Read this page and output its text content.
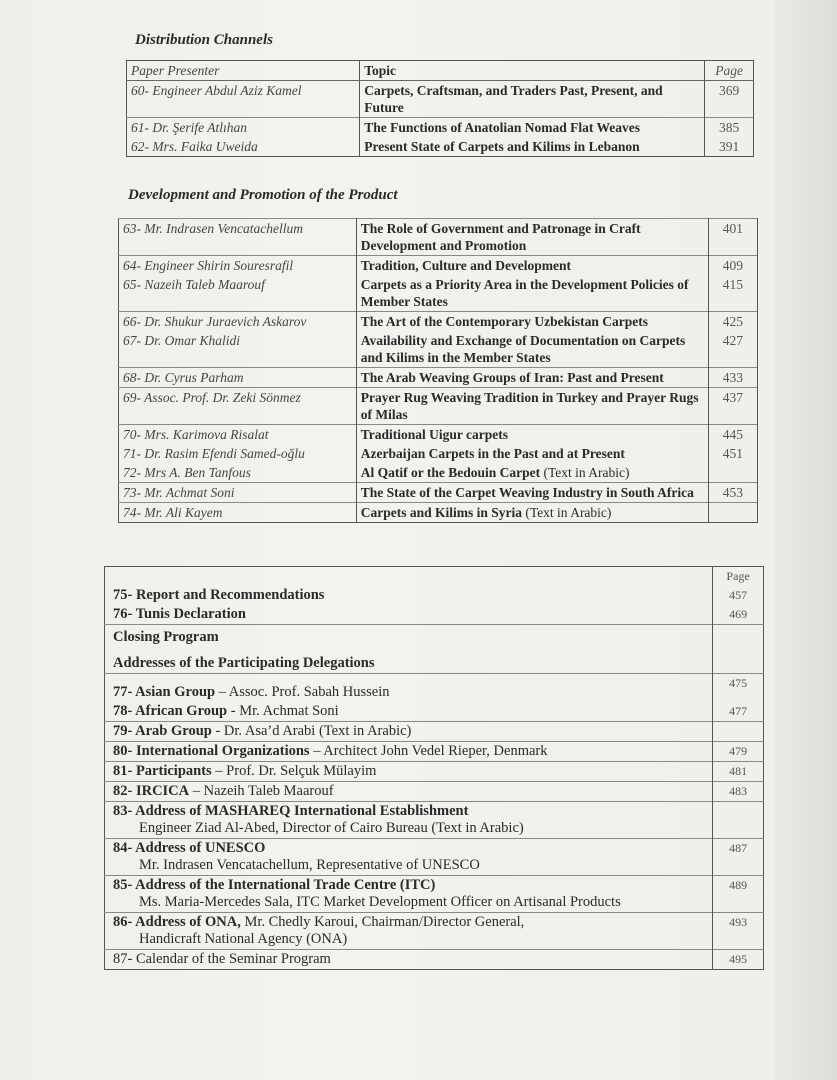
Distribution Channels
Paper Presenter	Topic	Page
60- Engineer Abdul Aziz Kamel	Carpets, Craftsman, and Traders Past, Present, and Future	369
61- Dr. Şerife Atlıhan	The Functions of Anatolian Nomad Flat Weaves	385
62- Mrs. Faika Uweida	Present State of Carpets and Kilims in Lebanon	391
Development and Promotion of the Product
63- Mr. Indrasen Vencatachellum	The Role of Government and Patronage in Craft Development and Promotion	401
64- Engineer Shirin Souresrafil	Tradition, Culture and Development	409
65- Nazeih Taleb Maarouf	Carpets as a Priority Area in the Development Policies of Member States	415
66- Dr. Shukur Juraevich Askarov	The Art of the Contemporary Uzbekistan Carpets	425
67- Dr. Omar Khalidi	Availability and Exchange of Documentation on Carpets and Kilims in the Member States	427
68- Dr. Cyrus Parham	The Arab Weaving Groups of Iran: Past and Present	433
69- Assoc. Prof. Dr. Zeki Sönmez	Prayer Rug Weaving Tradition in Turkey and Prayer Rugs of Milas	437
70- Mrs. Karimova Risalat	Traditional Uigur carpets	445
71- Dr. Rasim Efendi Samed-oğlu	Azerbaijan Carpets in the Past and at Present	451
72- Mrs A. Ben Tanfous	Al Qatif or the Bedouin Carpet (Text in Arabic)	
73- Mr. Achmat Soni	The State of the Carpet Weaving Industry in South Africa	453
74- Mr. Ali Kayem	Carpets and Kilims in Syria (Text in Arabic)	
	Page
75- Report and Recommendations	457
76- Tunis Declaration	469
Closing Program	
Addresses of the Participating Delegations	
77- Asian Group – Assoc. Prof. Sabah Hussein	475
78- African Group - Mr. Achmat Soni	477
79- Arab Group - Dr. Asa’d Arabi (Text in Arabic)	
80- International Organizations – Architect John Vedel Rieper, Denmark	479
81- Participants – Prof. Dr. Selçuk Mülayim	481
82- IRCICA – Nazeih Taleb Maarouf	483
83- Address of MASHAREQ International Establishment
Engineer Ziad Al-Abed, Director of Cairo Bureau (Text in Arabic)	

84- Address of UNESCO
Mr. Indrasen Vencatachellum, Representative of UNESCO	487
85- Address of the International Trade Centre (ITC)
Ms. Maria-Mercedes Sala, ITC Market Development Officer on Artisanal Products	489
86- Address of ONA, Mr. Chedly Karoui, Chairman/Director General,
Handicraft National Agency (ONA)	493
87- Calendar of the Seminar Program	495
